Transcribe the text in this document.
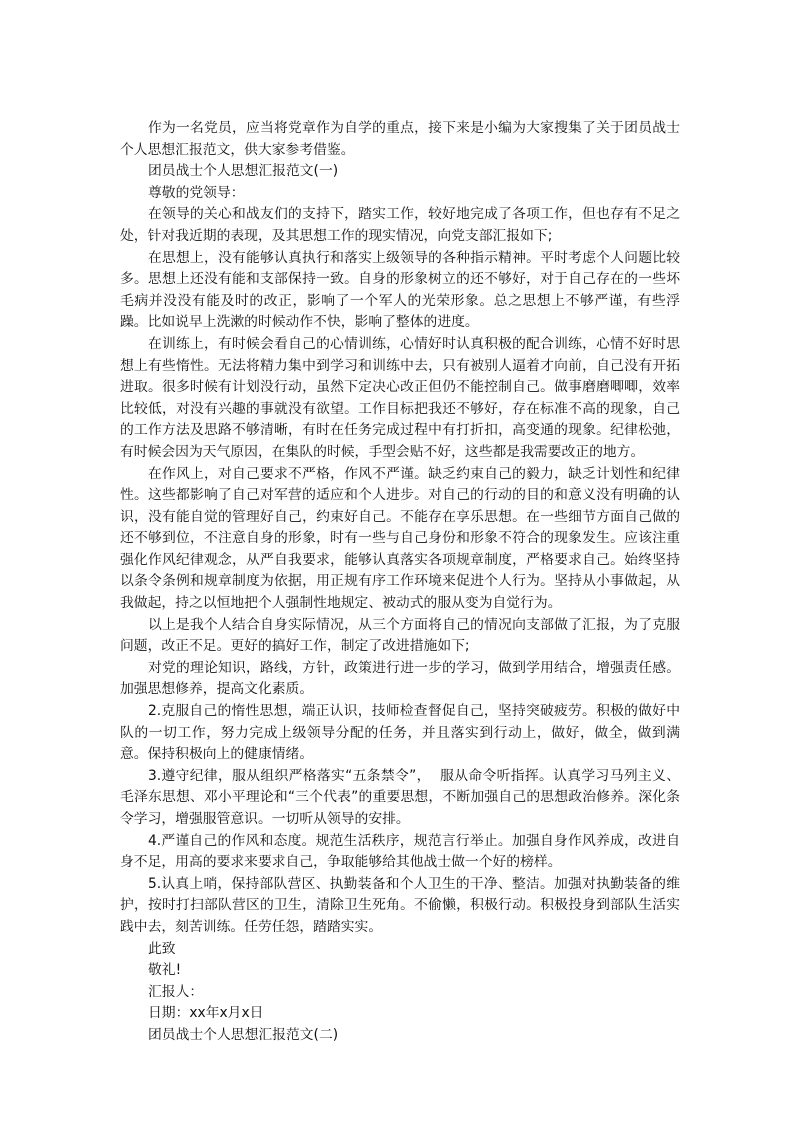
作为一名党员，应当将党章作为自学的重点，接下来是小编为大家搜集了关于团员战士个人思想汇报范文，供大家参考借鉴。

团员战士个人思想汇报范文(一)

尊敬的党领导：

在领导的关心和战友们的支持下，踏实工作，较好地完成了各项工作，但也存有不足之处，针对我近期的表现，及其思想工作的现实情况，向党支部汇报如下;

在思想上，没有能够认真执行和落实上级领导的各种指示精神。平时考虑个人问题比较多。思想上还没有能和支部保持一致。自身的形象树立的还不够好，对于自己存在的一些坏毛病并没没有能及时的改正，影响了一个军人的光荣形象。总之思想上不够严谨，有些浮躁。比如说早上洗漱的时候动作不快，影响了整体的进度。

在训练上，有时候会看自己的心情训练，心情好时认真积极的配合训练，心情不好时思想上有些惰性。无法将精力集中到学习和训练中去，只有被别人逼着才向前，自己没有开拓进取。很多时候有计划没行动，虽然下定决心改正但仍不能控制自己。做事磨磨唧唧，效率比较低，对没有兴趣的事就没有欲望。工作目标把我还不够好，存在标准不高的现象，自己的工作方法及思路不够清晰，有时在任务完成过程中有打折扣，高变通的现象。纪律松弛，有时候会因为天气原因，在集队的时候，手型会贴不好，这些都是我需要改正的地方。

在作风上，对自己要求不严格，作风不严谨。缺乏约束自己的毅力，缺乏计划性和纪律性。这些都影响了自己对军营的适应和个人进步。对自己的行动的目的和意义没有明确的认识，没有能自觉的管理好自己，约束好自己。不能存在享乐思想。在一些细节方面自己做的还不够到位，不注意自身的形象，时有一些与自己身份和形象不符合的现象发生。应该注重强化作风纪律观念，从严自我要求，能够认真落实各项规章制度，严格要求自己。始终坚持以条令条例和规章制度为依据，用正规有序工作环境来促进个人行为。坚持从小事做起，从我做起，持之以恒地把个人强制性地规定、被动式的服从变为自觉行为。

以上是我个人结合自身实际情况，从三个方面将自己的情况向支部做了汇报，为了克服问题，改正不足。更好的搞好工作，制定了改进措施如下;

对党的理论知识，路线，方针，政策进行进一步的学习，做到学用结合，增强责任感。加强思想修养，提高文化素质。

2.克服自己的惰性思想，端正认识，技师检查督促自己，坚持突破疲劳。积极的做好中队的一切工作，努力完成上级领导分配的任务，并且落实到行动上，做好，做全，做到满意。保持积极向上的健康情绪。

3.遵守纪律，服从组织严格落实“五条禁令”，  服从命令听指挥。认真学习马列主义、毛泽东思想、邓小平理论和“三个代表”的重要思想，不断加强自己的思想政治修养。深化条令学习，增强服管意识。一切听从领导的安排。

4.严谨自己的作风和态度。规范生活秩序，规范言行举止。加强自身作风养成，改进自身不足，用高的要求来要求自己，争取能够给其他战士做一个好的榜样。

5.认真上哨，保持部队营区、执勤装备和个人卫生的干净、整洁。加强对执勤装备的维护，按时打扫部队营区的卫生，清除卫生死角。不偷懒，积极行动。积极投身到部队生活实践中去，刻苦训练。任劳任怨，踏踏实实。

此致

敬礼!

汇报人：

日期：xx年x月x日

团员战士个人思想汇报范文(二)
